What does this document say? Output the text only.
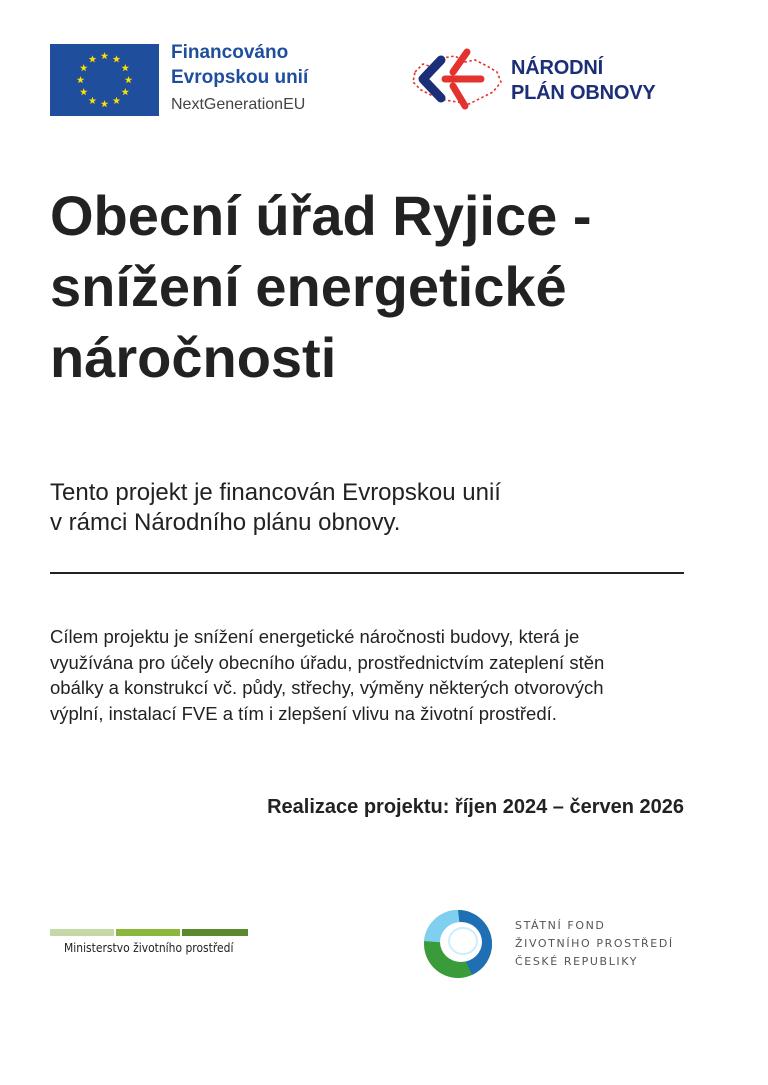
Financováno
Evropskou unií
NextGenerationEU
NÁRODNÍ
PLÁN OBNOVY
Obecní úřad Ryjice -
snížení energetické
náročnosti

Tento projekt je financován Evropskou unií
v rámci Národního plánu obnovy.

Cílem projektu je snížení energetické náročnosti budovy, která je
využívána pro účely obecního úřadu, prostřednictvím zateplení stěn
obálky a konstrukcí vč. půdy, střechy, výměny některých otvorových
výplní, instalací FVE a tím i zlepšení vlivu na životní prostředí.

Realizace projektu: říjen 2024 – červen 2026

Ministerstvo životního prostředí
STÁTNÍ FOND
ŽIVOTNÍHO PROSTŘEDÍ
ČESKÉ REPUBLIKY
